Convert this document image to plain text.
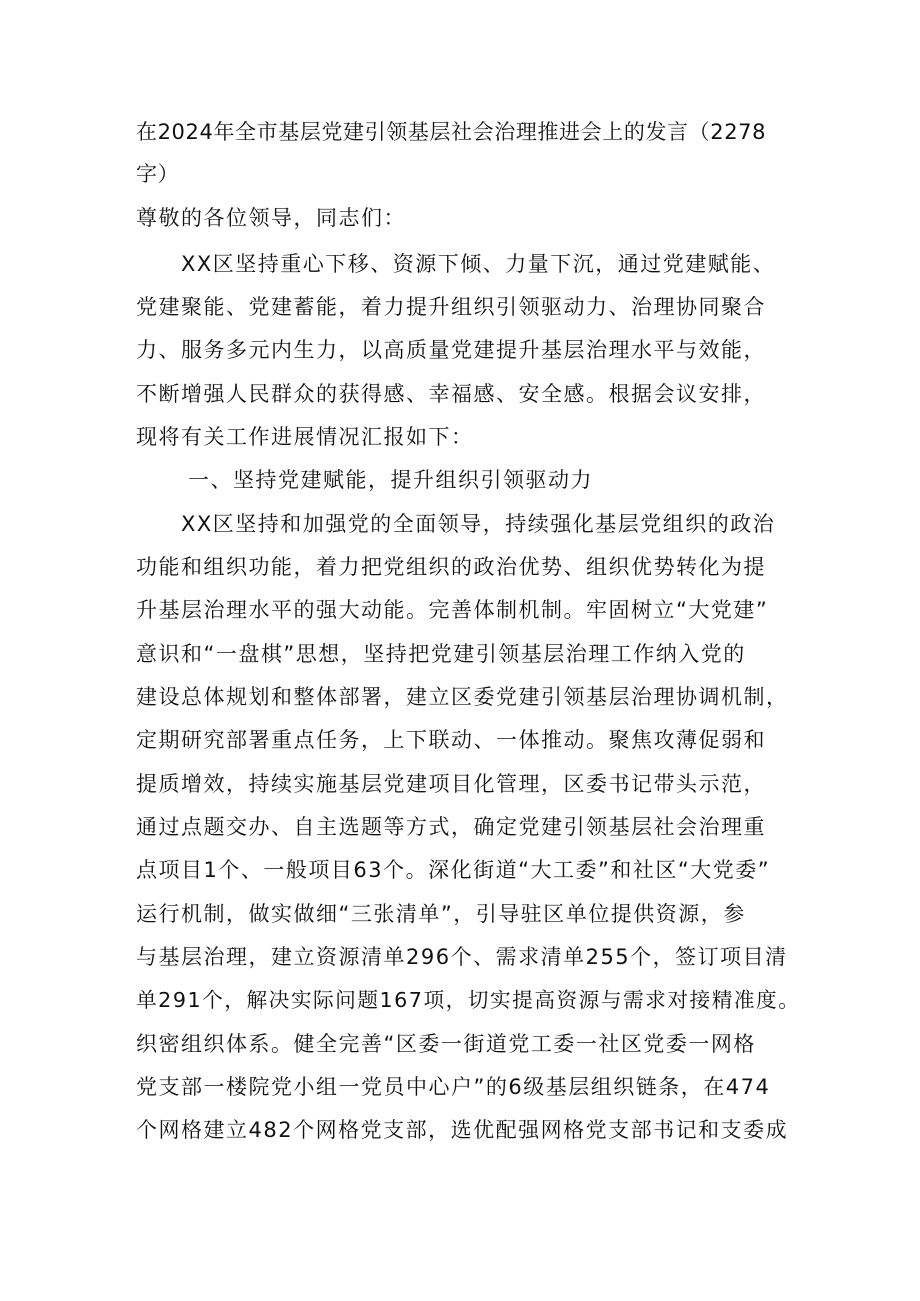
在2024年全市基层党建引领基层社会治理推进会上的发言（2278
字）
尊敬的各位领导，同志们：
XX区坚持重心下移、资源下倾、力量下沉，通过党建赋能、
党建聚能、党建蓄能，着力提升组织引领驱动力、治理协同聚合
力、服务多元内生力，以高质量党建提升基层治理水平与效能，
不断增强人民群众的获得感、幸福感、安全感。根据会议安排，
现将有关工作进展情况汇报如下：
一、坚持党建赋能，提升组织引领驱动力
XX区坚持和加强党的全面领导，持续强化基层党组织的政治
功能和组织功能，着力把党组织的政治优势、组织优势转化为提
升基层治理水平的强大动能。完善体制机制。牢固树立“大党建”
意识和“一盘棋”思想，坚持把党建引领基层治理工作纳入党的
建设总体规划和整体部署，建立区委党建引领基层治理协调机制，
定期研究部署重点任务，上下联动、一体推动。聚焦攻薄促弱和
提质增效，持续实施基层党建项目化管理，区委书记带头示范，
通过点题交办、自主选题等方式，确定党建引领基层社会治理重
点项目1个、一般项目63个。深化街道“大工委”和社区“大党委”
运行机制，做实做细“三张清单”，引导驻区单位提供资源，参
与基层治理，建立资源清单296个、需求清单255个，签订项目清
单291个，解决实际问题167项，切实提高资源与需求对接精准度。
织密组织体系。健全完善“区委一街道党工委一社区党委一网格
党支部一楼院党小组一党员中心户”的6级基层组织链条，在474
个网格建立482个网格党支部，选优配强网格党支部书记和支委成
